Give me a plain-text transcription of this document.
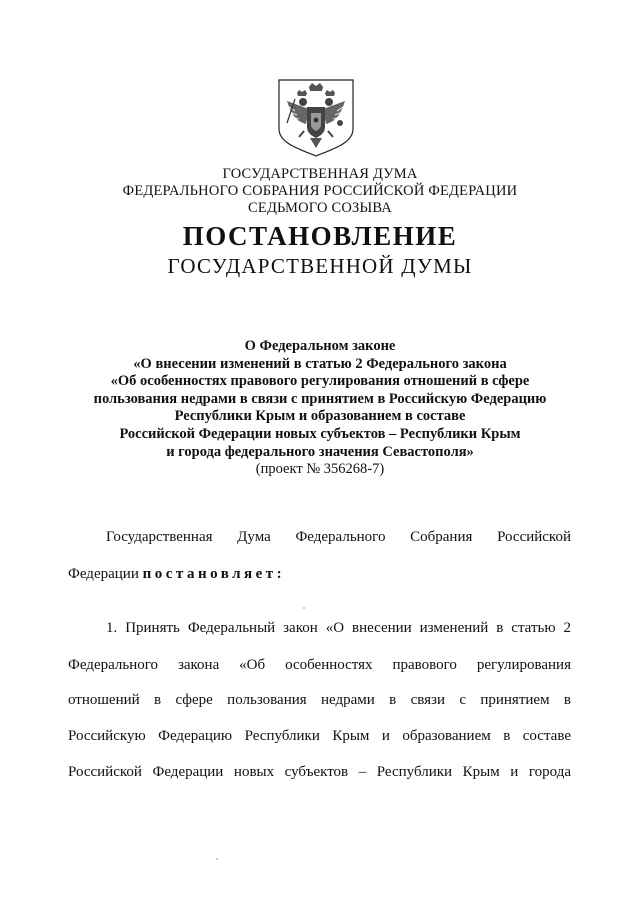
ГОСУДАРСТВЕННАЯ ДУМА
ФЕДЕРАЛЬНОГО СОБРАНИЯ РОССИЙСКОЙ ФЕДЕРАЦИИ
СЕДЬМОГО СОЗЫВА
ПОСТАНОВЛЕНИЕ
ГОСУДАРСТВЕННОЙ ДУМЫ
О Федеральном законе
«О внесении изменений в статью 2 Федерального закона
«Об особенностях правового регулирования отношений в сфере
пользования недрами в связи с принятием в Российскую Федерацию
Республики Крым и образованием в составе
Российской Федерации новых субъектов – Республики Крым
и города федерального значения Севастополя»
(проект № 356268-7)
Государственная Дума Федерального Собрания Российской
Федерации постановляет:
1. Принять Федеральный закон «О внесении изменений в статью 2
Федерального закона «Об особенностях правового регулирования
отношений в сфере пользования недрами в связи с принятием в
Российскую Федерацию Республики Крым и образованием в составе
Российской Федерации новых субъектов – Республики Крым и города
